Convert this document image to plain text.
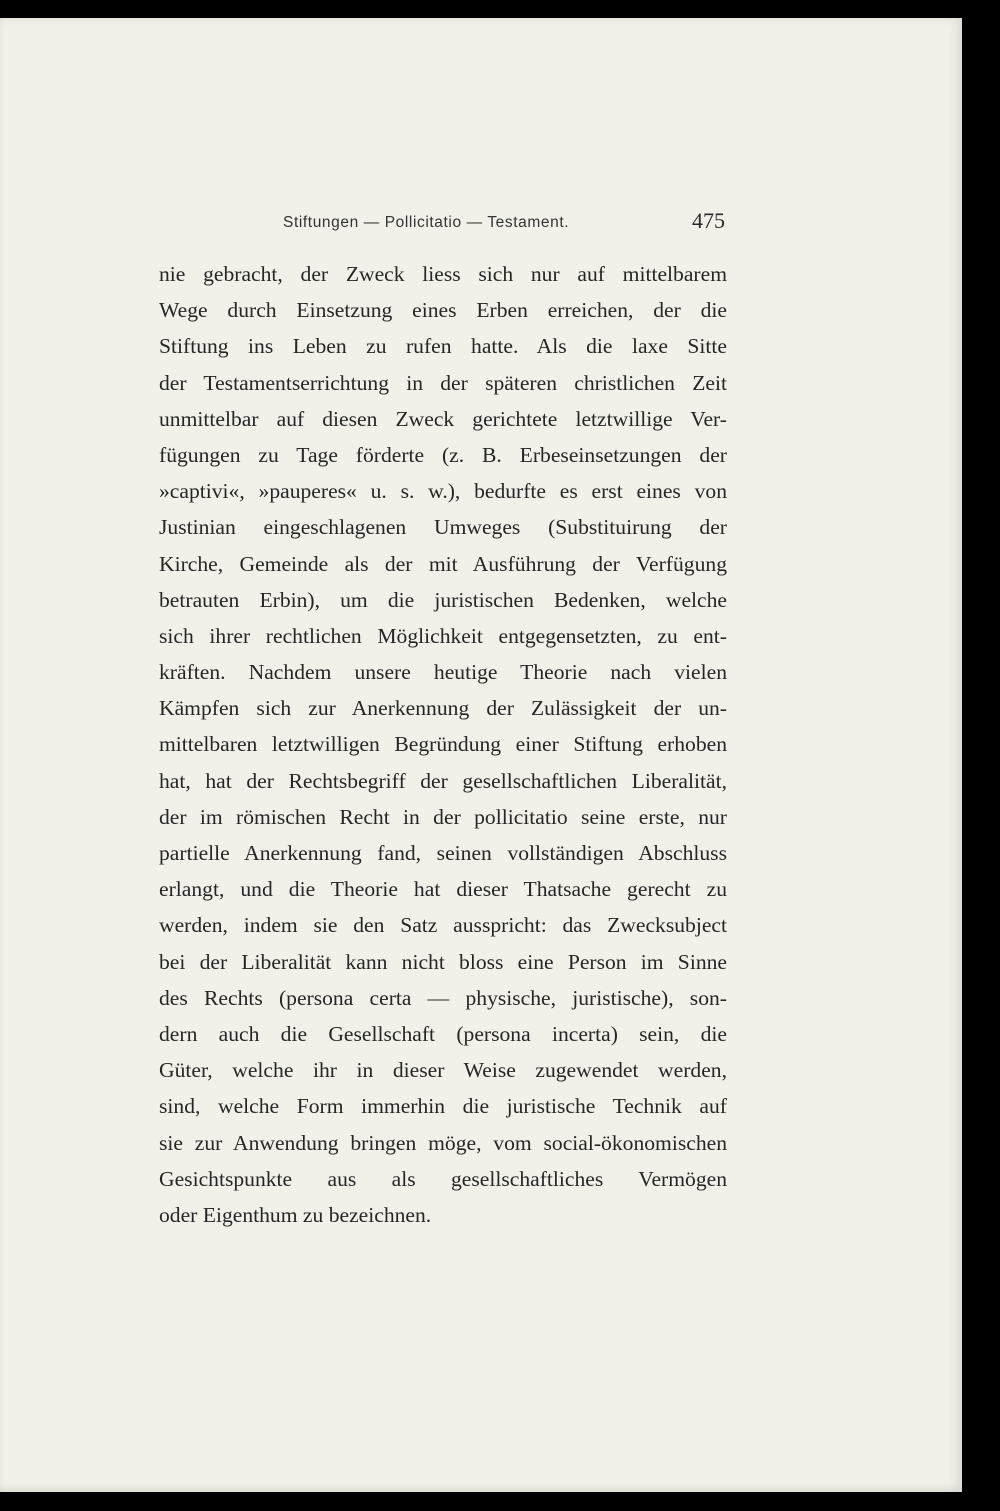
Stiftungen — Pollicitatio — Testament.	475
nie gebracht, der Zweck liess sich nur auf mittelbarem
Wege durch Einsetzung eines Erben erreichen, der die
Stiftung ins Leben zu rufen hatte. Als die laxe Sitte
der Testamentserrichtung in der späteren christlichen Zeit
unmittelbar auf diesen Zweck gerichtete letztwillige Ver-
fügungen zu Tage förderte (z. B. Erbeseinsetzungen der
»captivi«, »pauperes« u. s. w.), bedurfte es erst eines von
Justinian eingeschlagenen Umweges (Substituirung der
Kirche, Gemeinde als der mit Ausführung der Verfügung
betrauten Erbin), um die juristischen Bedenken, welche
sich ihrer rechtlichen Möglichkeit entgegensetzten, zu ent-
kräften. Nachdem unsere heutige Theorie nach vielen
Kämpfen sich zur Anerkennung der Zulässigkeit der un-
mittelbaren letztwilligen Begründung einer Stiftung erhoben
hat, hat der Rechtsbegriff der gesellschaftlichen Liberalität,
der im römischen Recht in der pollicitatio seine erste, nur
partielle Anerkennung fand, seinen vollständigen Abschluss
erlangt, und die Theorie hat dieser Thatsache gerecht zu
werden, indem sie den Satz ausspricht: das Zwecksubject
bei der Liberalität kann nicht bloss eine Person im Sinne
des Rechts (persona certa — physische, juristische), son-
dern auch die Gesellschaft (persona incerta) sein, die
Güter, welche ihr in dieser Weise zugewendet werden,
sind, welche Form immerhin die juristische Technik auf
sie zur Anwendung bringen möge, vom social-ökonomischen
Gesichtspunkte aus als gesellschaftliches Vermögen
oder Eigenthum zu bezeichnen.
